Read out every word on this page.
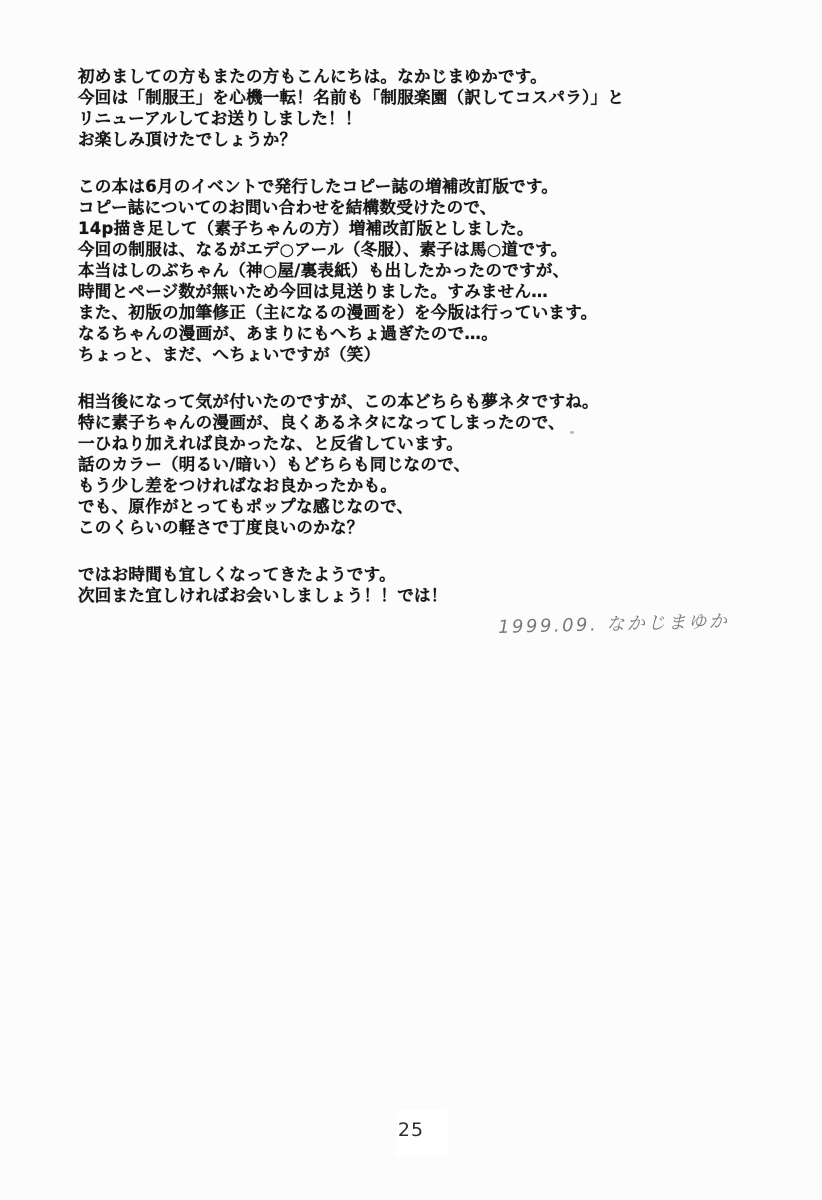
初めましての方もまたの方もこんにちは。なかじまゆかです。
今回は「制服王」を心機一転！名前も「制服楽園（訳してコスパラ）」と
リニューアルしてお送りしました！！
お楽しみ頂けたでしょうか？
この本は6月のイベントで発行したコピー誌の増補改訂版です。
コピー誌についてのお問い合わせを結構数受けたので、
14p描き足して（素子ちゃんの方）増補改訂版としました。
今回の制服は、なるがエデ○アール（冬服）、素子は馬○道です。
本当はしのぶちゃん（神○屋/裏表紙）も出したかったのですが、
時間とページ数が無いため今回は見送りました。すみません…
また、初版の加筆修正（主になるの漫画を）を今版は行っています。
なるちゃんの漫画が、あまりにもへちょ過ぎたので…。
ちょっと、まだ、へちょいですが（笑）
相当後になって気が付いたのですが、この本どちらも夢ネタですね。
特に素子ちゃんの漫画が、良くあるネタになってしまったので、
一ひねり加えれば良かったな、と反省しています。
話のカラー（明るい/暗い）もどちらも同じなので、
もう少し差をつければなお良かったかも。
でも、原作がとってもポップな感じなので、
このくらいの軽さで丁度良いのかな？
ではお時間も宜しくなってきたようです。
次回また宜しければお会いしましょう！！では！
1999.09. なかじまゆか
25
